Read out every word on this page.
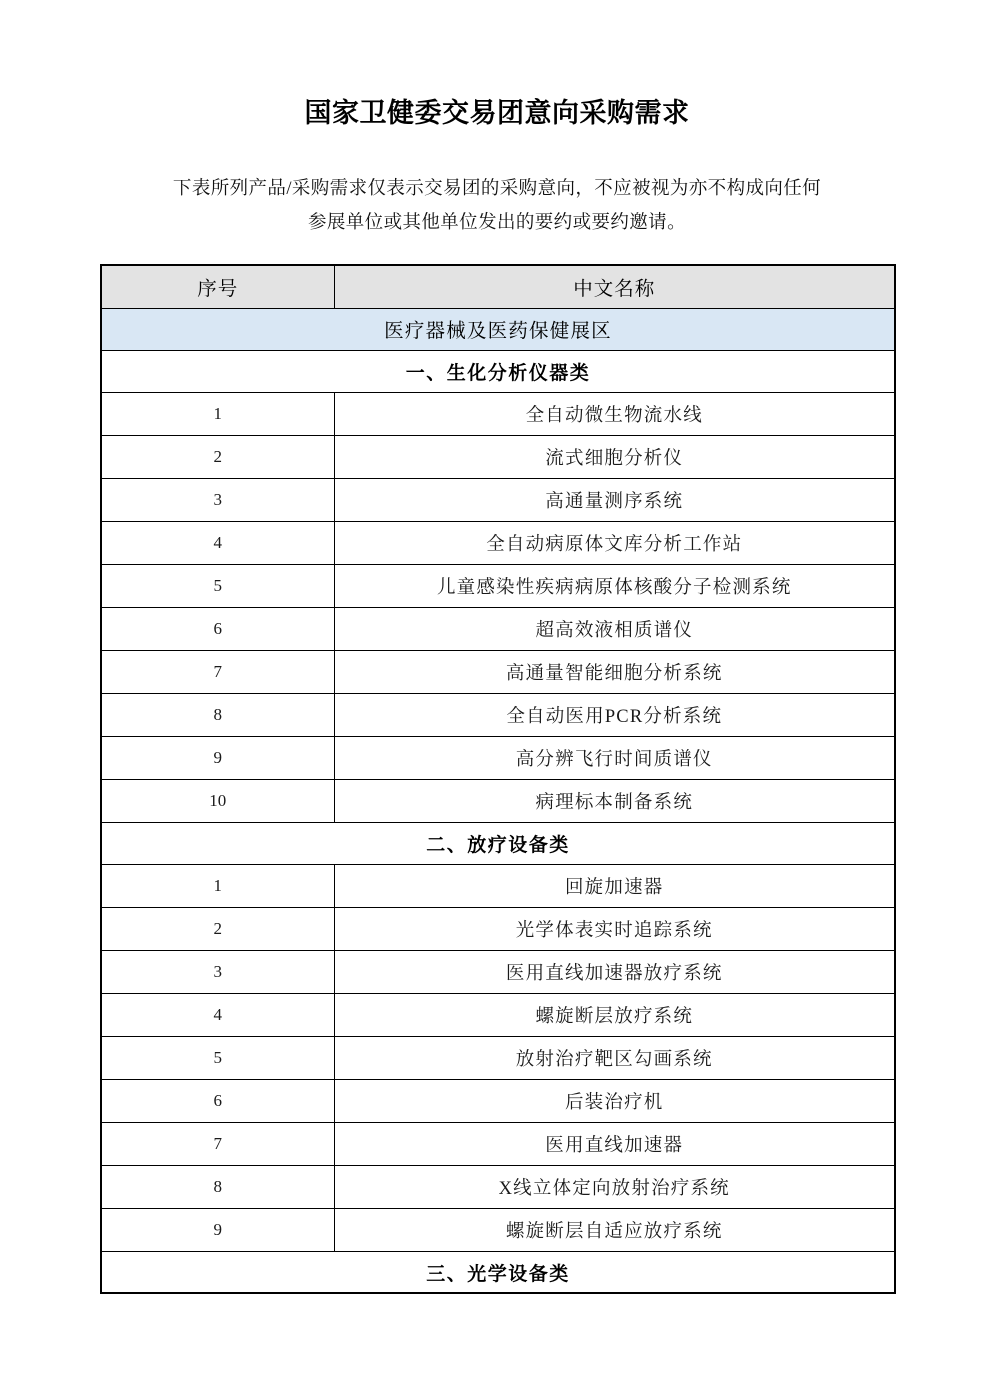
国家卫健委交易团意向采购需求
下表所列产品/采购需求仅表示交易团的采购意向，不应被视为亦不构成向任何
参展单位或其他单位发出的要约或要约邀请。
序号	中文名称
医疗器械及医药保健展区	
一、生化分析仪器类	
1	全自动微生物流水线
2	流式细胞分析仪
3	高通量测序系统
4	全自动病原体文库分析工作站
5	儿童感染性疾病病原体核酸分子检测系统
6	超高效液相质谱仪
7	高通量智能细胞分析系统
8	全自动医用PCR分析系统
9	高分辨飞行时间质谱仪
10	病理标本制备系统
二、放疗设备类	
1	回旋加速器
2	光学体表实时追踪系统
3	医用直线加速器放疗系统
4	螺旋断层放疗系统
5	放射治疗靶区勾画系统
6	后装治疗机
7	医用直线加速器
8	X线立体定向放射治疗系统
9	螺旋断层自适应放疗系统
三、光学设备类	
